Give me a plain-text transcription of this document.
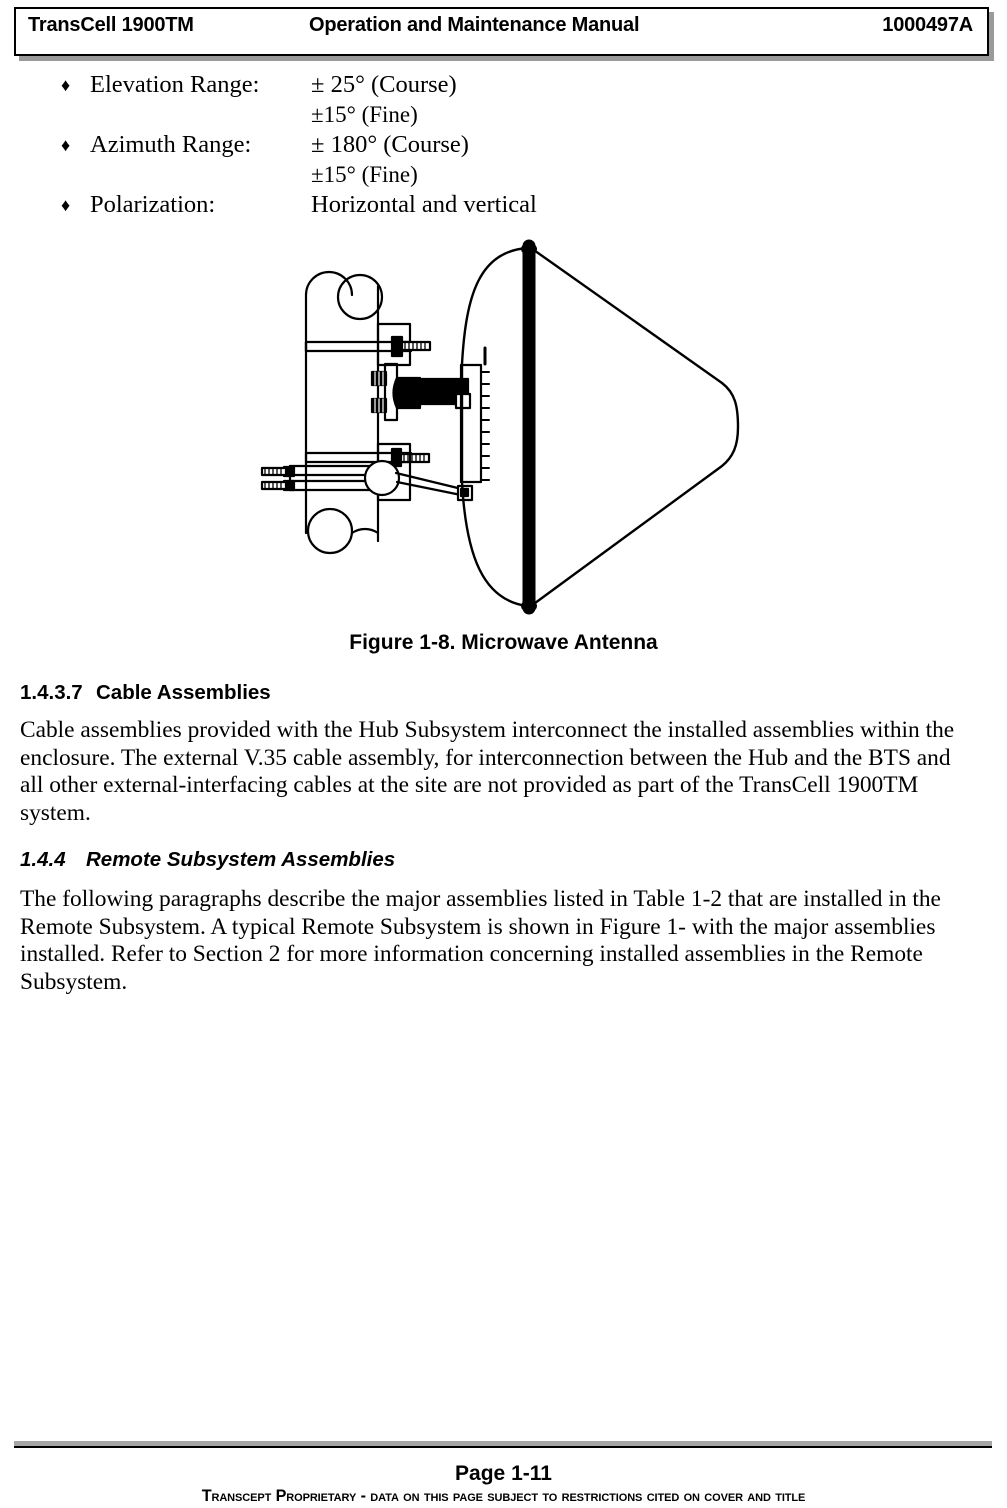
TransCell 1900TM	Operation and Maintenance Manual	1000497A
♦ Elevation Range: ± 25° (Course)
±15° (Fine)
♦ Azimuth Range: ± 180° (Course)
±15° (Fine)
♦ Polarization:	Horizontal and vertical
Figure 1-8. Microwave Antenna
1.4.3.7 Cable Assemblies
Cable assemblies provided with the Hub Subsystem interconnect the installed assemblies within the enclosure. The external V.35 cable assembly, for interconnection between the Hub and the BTS and all other external-interfacing cables at the site are not provided as part of the TransCell 1900TM system.
1.4.4 Remote Subsystem Assemblies
The following paragraphs describe the major assemblies listed in Table 1-2 that are installed in the Remote Subsystem. A typical Remote Subsystem is shown in Figure 1- with the major assemblies installed. Refer to Section 2 for more information concerning installed assemblies in the Remote Subsystem.
Page 1-11
Transcept Proprietary - data on this page subject to restrictions cited on cover and title
